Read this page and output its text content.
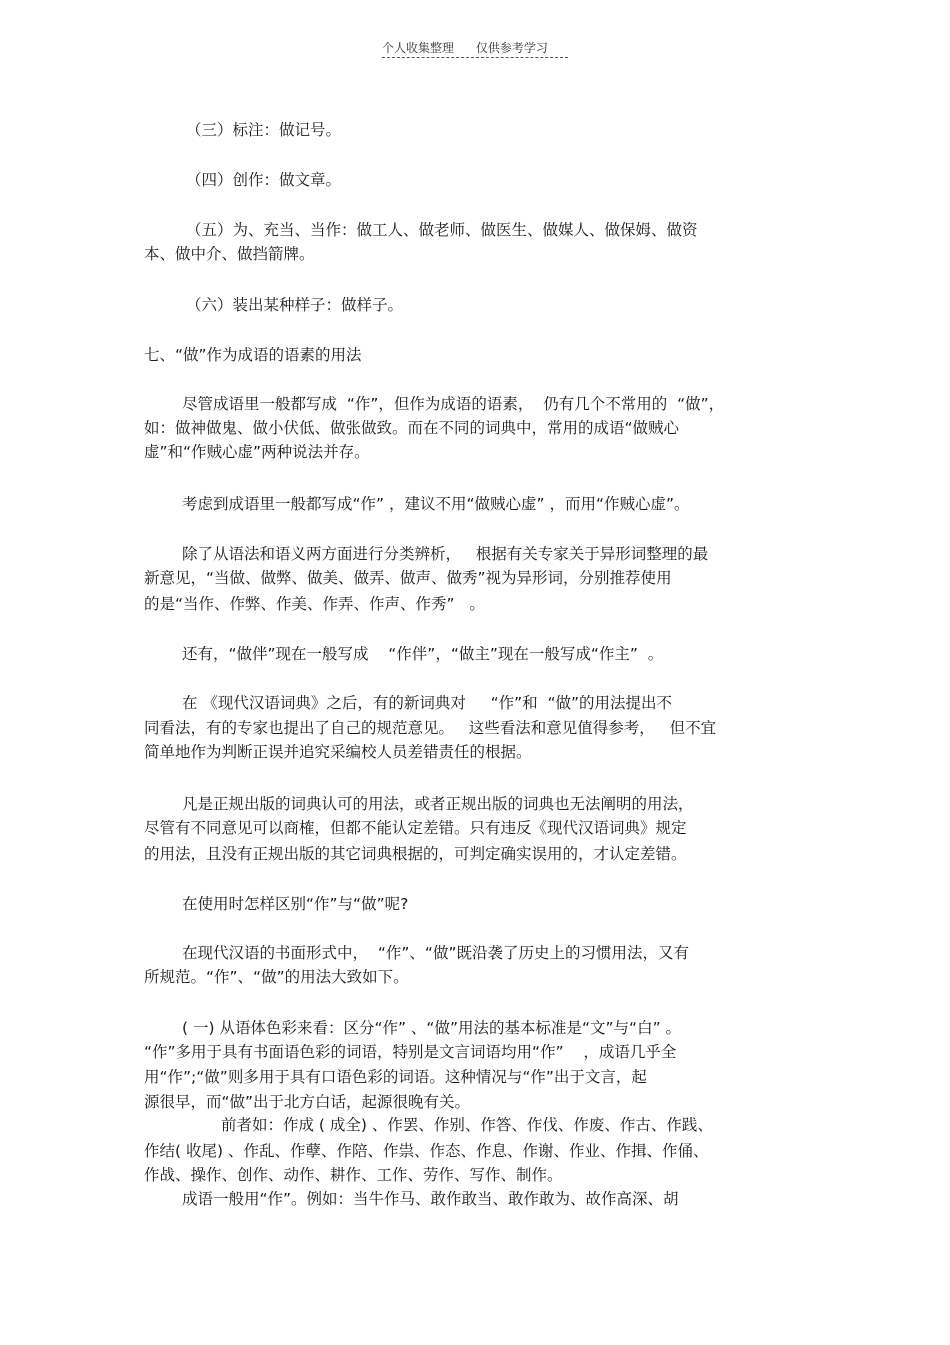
个人收集整理 仅供参考学习
（三）标注：做记号。
（四）创作：做文章。
（五）为、充当、当作：做工人、做老师、做医生、做媒人、做保姆、做资
本、做中介、做挡箭牌。
（六）装出某种样子：做样子。
七、“做”作为成语的语素的用法
尽管成语里一般都写成  “作”，但作为成语的语素，  仍有几个不常用的  “做”，
如：做神做鬼、做小伏低、做张做致。而在不同的词典中，常用的成语“做贼心
虚”和“作贼心虚”两种说法并存。
考虑到成语里一般都写成“作” ，建议不用“做贼心虚” ，而用“作贼心虚”。
除了从语法和语义两方面进行分类辨析，   根据有关专家关于异形词整理的最
新意见，“当做、做弊、做美、做弄、做声、做秀”视为异形词，分别推荐使用
的是“当作、作弊、作美、作弄、作声、作秀”   。
还有，“做伴”现在一般写成    “作伴”，“做主”现在一般写成“作主”  。
在 《现代汉语词典》之后，有的新词典对     “作”和  “做”的用法提出不
同看法，有的专家也提出了自己的规范意见。   这些看法和意见值得参考，   但不宜
简单地作为判断正误并追究采编校人员差错责任的根据。
凡是正规出版的词典认可的用法，或者正规出版的词典也无法阐明的用法，
尽管有不同意见可以商榷，但都不能认定差错。只有违反《现代汉语词典》规定
的用法，且没有正规出版的其它词典根据的，可判定确实误用的，才认定差错。
在使用时怎样区别“作”与“做”呢?
在现代汉语的书面形式中，  “作”、“做”既沿袭了历史上的习惯用法，又有
所规范。“作”、“做”的用法大致如下。
( 一) 从语体色彩来看：区分“作” 、“做”用法的基本标准是“文”与“白” 。
“作”多用于具有书面语色彩的词语，特别是文言词语均用“作”    ，成语几乎全
用“作”;“做”则多用于具有口语色彩的词语。这种情况与“作”出于文言，起
源很早，而“做”出于北方白话，起源很晚有关。
前者如：作成 ( 成全) 、作罢、作别、作答、作伐、作废、作古、作践、
作结( 收尾) 、作乱、作孽、作陪、作祟、作态、作息、作谢、作业、作揖、作俑、
作战、操作、创作、动作、耕作、工作、劳作、写作、制作。
成语一般用“作”。例如：当牛作马、敢作敢当、敢作敢为、故作高深、胡
